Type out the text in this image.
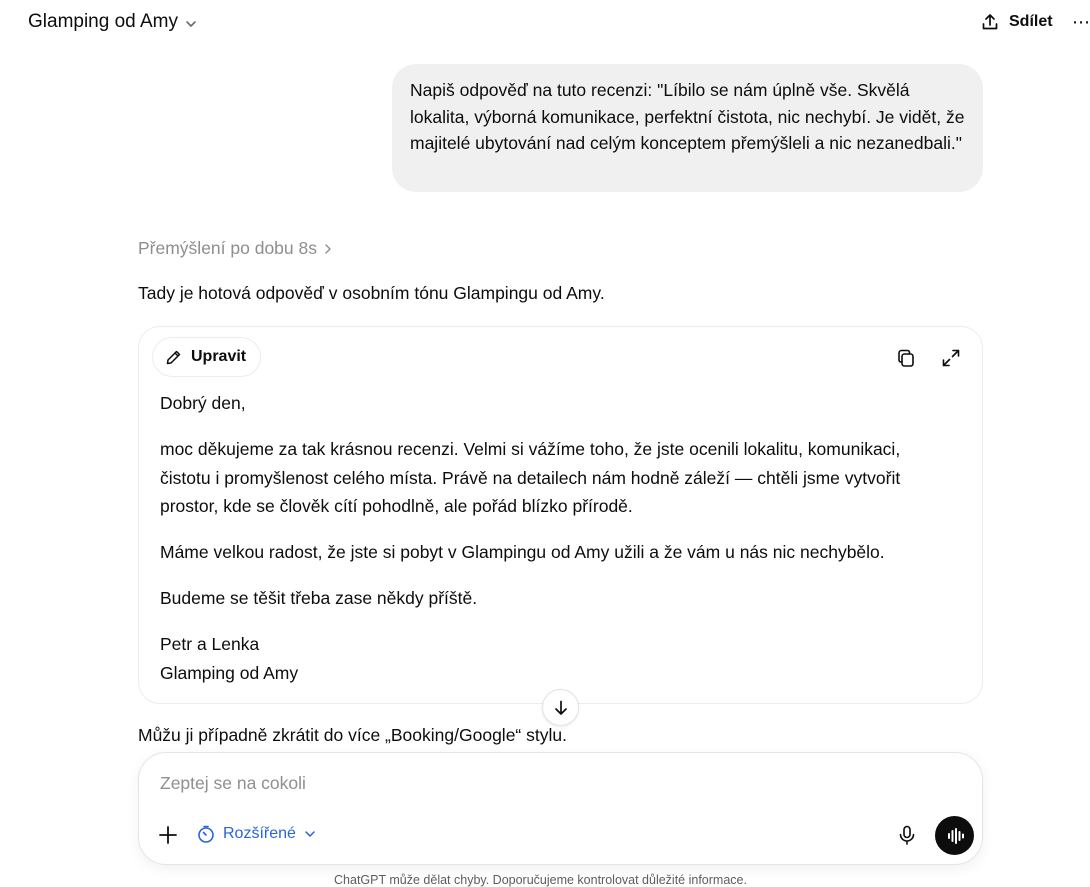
Glamping od Amy	Sdílet ⋯
Napiš odpověď na tuto recenzi: "Líbilo se nám úplně vše. Skvělá lokalita, výborná komunikace, perfektní čistota, nic nechybí. Je vidět, že majitelé ubytování nad celým konceptem přemýšleli a nic nezanedbali."
Přemýšlení po dobu 8s
Tady je hotová odpověď v osobním tónu Glampingu od Amy.
Upravit

Dobrý den,

moc děkujeme za tak krásnou recenzi. Velmi si vážíme toho, že jste ocenili lokalitu, komunikaci, čistotu i promyšlenost celého místa. Právě na detailech nám hodně záleží — chtěli jsme vytvořit prostor, kde se člověk cítí pohodlně, ale pořád blízko přírodě.

Máme velkou radost, že jste si pobyt v Glampingu od Amy užili a že vám u nás nic nechybělo.

Budeme se těšit třeba zase někdy příště.

Petr a Lenka
Glamping od Amy

Můžu ji případně zkrátit do více „Booking/Google“ stylu.
Zeptej se na cokoli
Rozšířené
ChatGPT může dělat chyby. Doporučujeme kontrolovat důležité informace.
